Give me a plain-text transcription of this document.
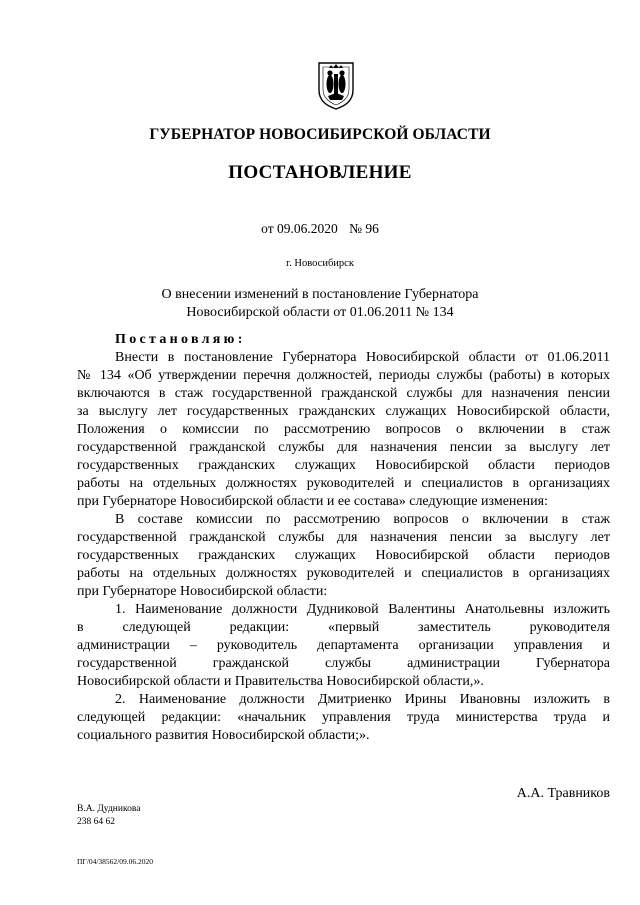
ГУБЕРНАТОР НОВОСИБИРСКОЙ ОБЛАСТИ
ПОСТАНОВЛЕНИЕ
от 09.06.2020 № 96
г. Новосибирск
О внесении изменений в постановление Губернатора
Новосибирской области от 01.06.2011 № 134
Постановляю:
Внести в постановление Губернатора Новосибирской области от 01.06.2011
№ 134 «Об утверждении перечня должностей, периоды службы (работы) в которых
включаются в стаж государственной гражданской службы для назначения пенсии
за выслугу лет государственных гражданских служащих Новосибирской области,
Положения о комиссии по рассмотрению вопросов о включении в стаж
государственной гражданской службы для назначения пенсии за выслугу лет
государственных гражданских служащих Новосибирской области периодов
работы на отдельных должностях руководителей и специалистов в организациях
при Губернаторе Новосибирской области и ее состава» следующие изменения:
В составе комиссии по рассмотрению вопросов о включении в стаж
государственной гражданской службы для назначения пенсии за выслугу лет
государственных гражданских служащих Новосибирской области периодов
работы на отдельных должностях руководителей и специалистов в организациях
при Губернаторе Новосибирской области:
1. Наименование должности Дудниковой Валентины Анатольевны изложить
в следующей редакции: «первый заместитель руководителя
администрации – руководитель департамента организации управления и
государственной гражданской службы администрации Губернатора
Новосибирской области и Правительства Новосибирской области,».
2. Наименование должности Дмитриенко Ирины Ивановны изложить в
следующей редакции: «начальник управления труда министерства труда и
социального развития Новосибирской области;».
А.А. Травников
В.А. Дудникова
238 64 62
ПГ/04/38562/09.06.2020
